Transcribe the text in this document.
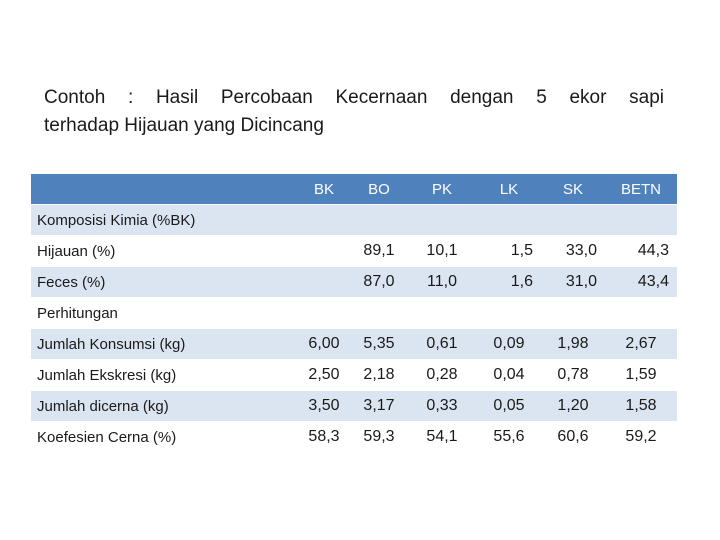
Contoh : Hasil Percobaan Kecernaan dengan 5 ekor sapi
terhadap Hijauan yang Dicincang
	BK	BO	PK	LK	SK	BETN
Komposisi Kimia (%BK)						
Hijauan (%)		89,1	10,1	1,5	33,0	44,3
Feces (%)		87,0	11,0	1,6	31,0	43,4
Perhitungan						
Jumlah Konsumsi (kg)	6,00	5,35	0,61	0,09	1,98	2,67
Jumlah Ekskresi (kg)	2,50	2,18	0,28	0,04	0,78	1,59
Jumlah dicerna (kg)	3,50	3,17	0,33	0,05	1,20	1,58
Koefesien Cerna (%)	58,3	59,3	54,1	55,6	60,6	59,2
